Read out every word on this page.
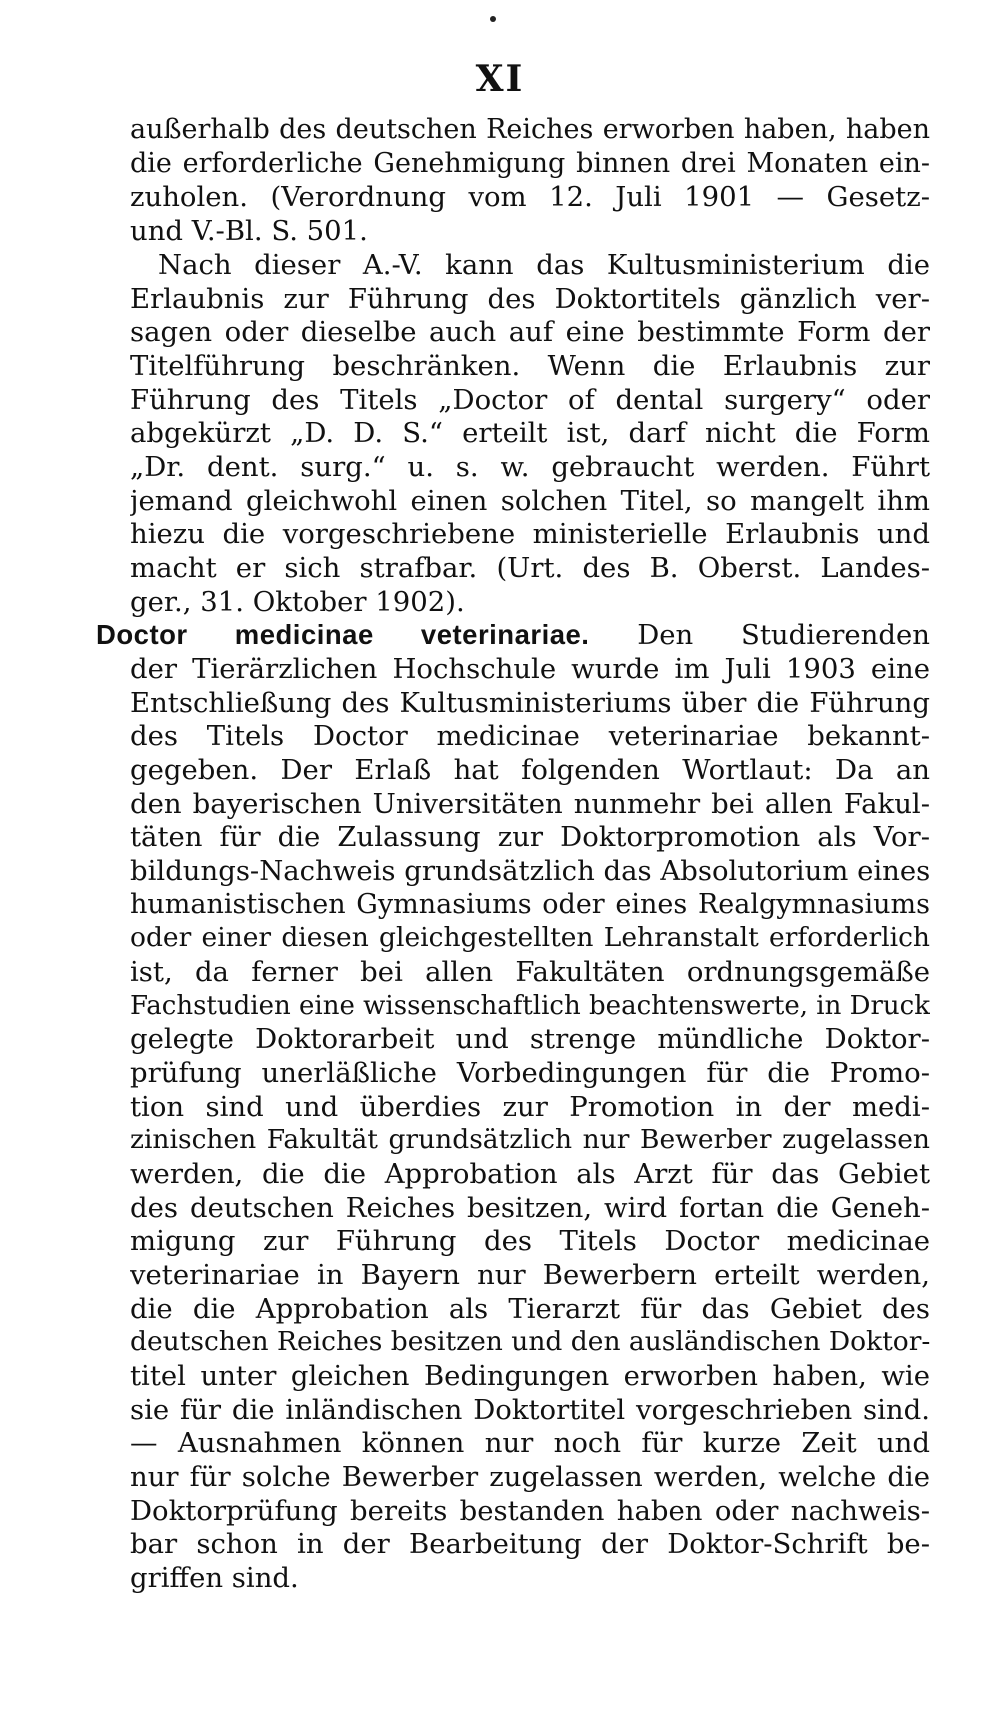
XI
außerhalb des deutschen Reiches erworben haben, haben
die erforderliche Genehmigung binnen drei Monaten ein-
zuholen. (Verordnung vom 12. Juli 1901 — Gesetz-
und V.-Bl. S. 501.
Nach dieser A.-V. kann das Kultusministerium die
Erlaubnis zur Führung des Doktortitels gänzlich ver-
sagen oder dieselbe auch auf eine bestimmte Form der
Titelführung beschränken. Wenn die Erlaubnis zur
Führung des Titels „Doctor of dental surgery“ oder
abgekürzt „D. D. S.“ erteilt ist, darf nicht die Form
„Dr. dent. surg.“ u. s. w. gebraucht werden. Führt
jemand gleichwohl einen solchen Titel, so mangelt ihm
hiezu die vorgeschriebene ministerielle Erlaubnis und
macht er sich strafbar. (Urt. des B. Oberst. Landes-
ger., 31. Oktober 1902).
Doctor medicinae veterinariae. Den Studierenden
der Tierärzlichen Hochschule wurde im Juli 1903 eine
Entschließung des Kultusministeriums über die Führung
des Titels Doctor medicinae veterinariae bekannt-
gegeben. Der Erlaß hat folgenden Wortlaut: Da an
den bayerischen Universitäten nunmehr bei allen Fakul-
täten für die Zulassung zur Doktorpromotion als Vor-
bildungs-Nachweis grundsätzlich das Absolutorium eines
humanistischen Gymnasiums oder eines Realgymnasiums
oder einer diesen gleichgestellten Lehranstalt erforderlich
ist, da ferner bei allen Fakultäten ordnungsgemäße
Fachstudien eine wissenschaftlich beachtenswerte, in Druck
gelegte Doktorarbeit und strenge mündliche Doktor-
prüfung unerläßliche Vorbedingungen für die Promo-
tion sind und überdies zur Promotion in der medi-
zinischen Fakultät grundsätzlich nur Bewerber zugelassen
werden, die die Approbation als Arzt für das Gebiet
des deutschen Reiches besitzen, wird fortan die Geneh-
migung zur Führung des Titels Doctor medicinae
veterinariae in Bayern nur Bewerbern erteilt werden,
die die Approbation als Tierarzt für das Gebiet des
deutschen Reiches besitzen und den ausländischen Doktor-
titel unter gleichen Bedingungen erworben haben, wie
sie für die inländischen Doktortitel vorgeschrieben sind.
— Ausnahmen können nur noch für kurze Zeit und
nur für solche Bewerber zugelassen werden, welche die
Doktorprüfung bereits bestanden haben oder nachweis-
bar schon in der Bearbeitung der Doktor-Schrift be-
griffen sind.
